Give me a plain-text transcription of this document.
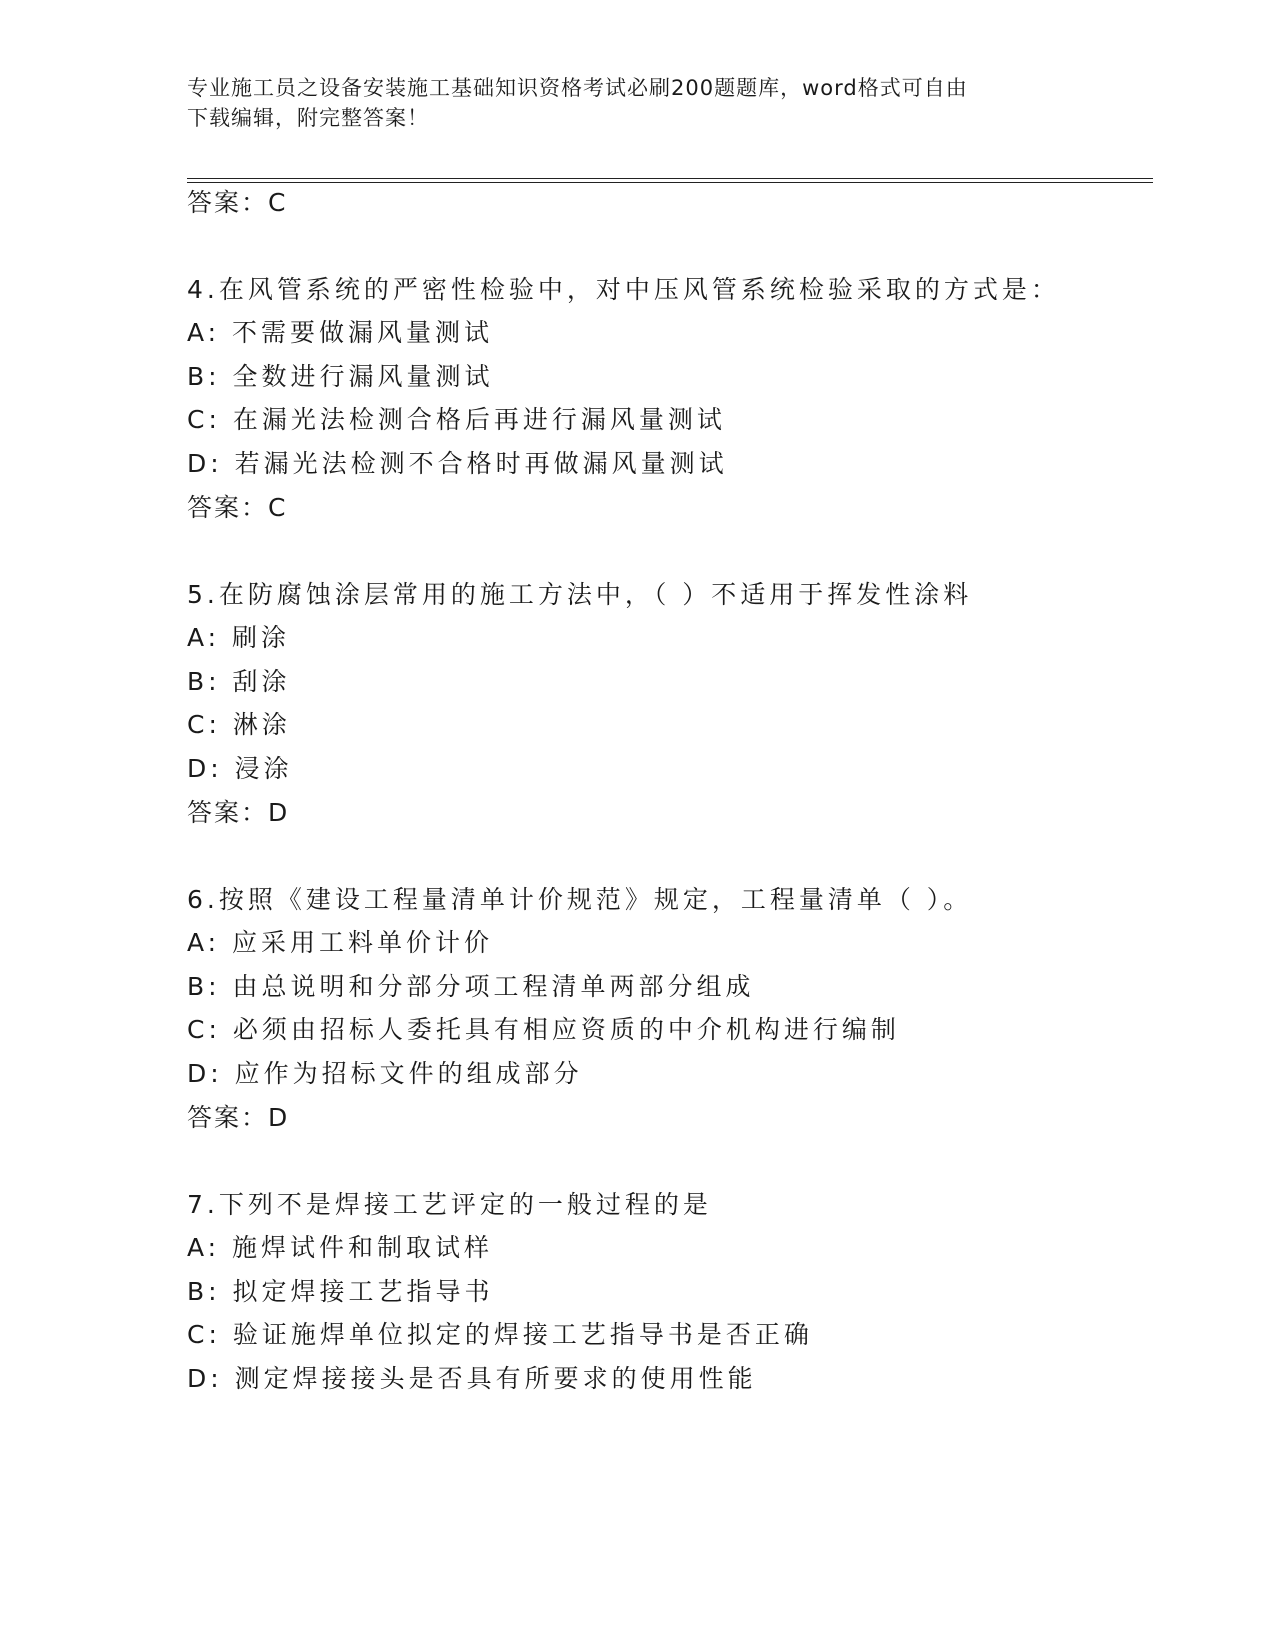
专业施工员之设备安装施工基础知识资格考试必刷200题题库，word格式可自由
下载编辑，附完整答案！
答案：C
4.在风管系统的严密性检验中，对中压风管系统检验采取的方式是：
A: 不需要做漏风量测试
B: 全数进行漏风量测试
C: 在漏光法检测合格后再进行漏风量测试
D: 若漏光法检测不合格时再做漏风量测试
答案：C
5.在防腐蚀涂层常用的施工方法中，（ ）不适用于挥发性涂料
A: 刷涂
B: 刮涂
C: 淋涂
D: 浸涂
答案：D
6.按照《建设工程量清单计价规范》规定，工程量清单（ ）。
A: 应采用工料单价计价
B: 由总说明和分部分项工程清单两部分组成
C: 必须由招标人委托具有相应资质的中介机构进行编制
D: 应作为招标文件的组成部分
答案：D
7.下列不是焊接工艺评定的一般过程的是
A: 施焊试件和制取试样
B: 拟定焊接工艺指导书
C: 验证施焊单位拟定的焊接工艺指导书是否正确
D: 测定焊接接头是否具有所要求的使用性能
